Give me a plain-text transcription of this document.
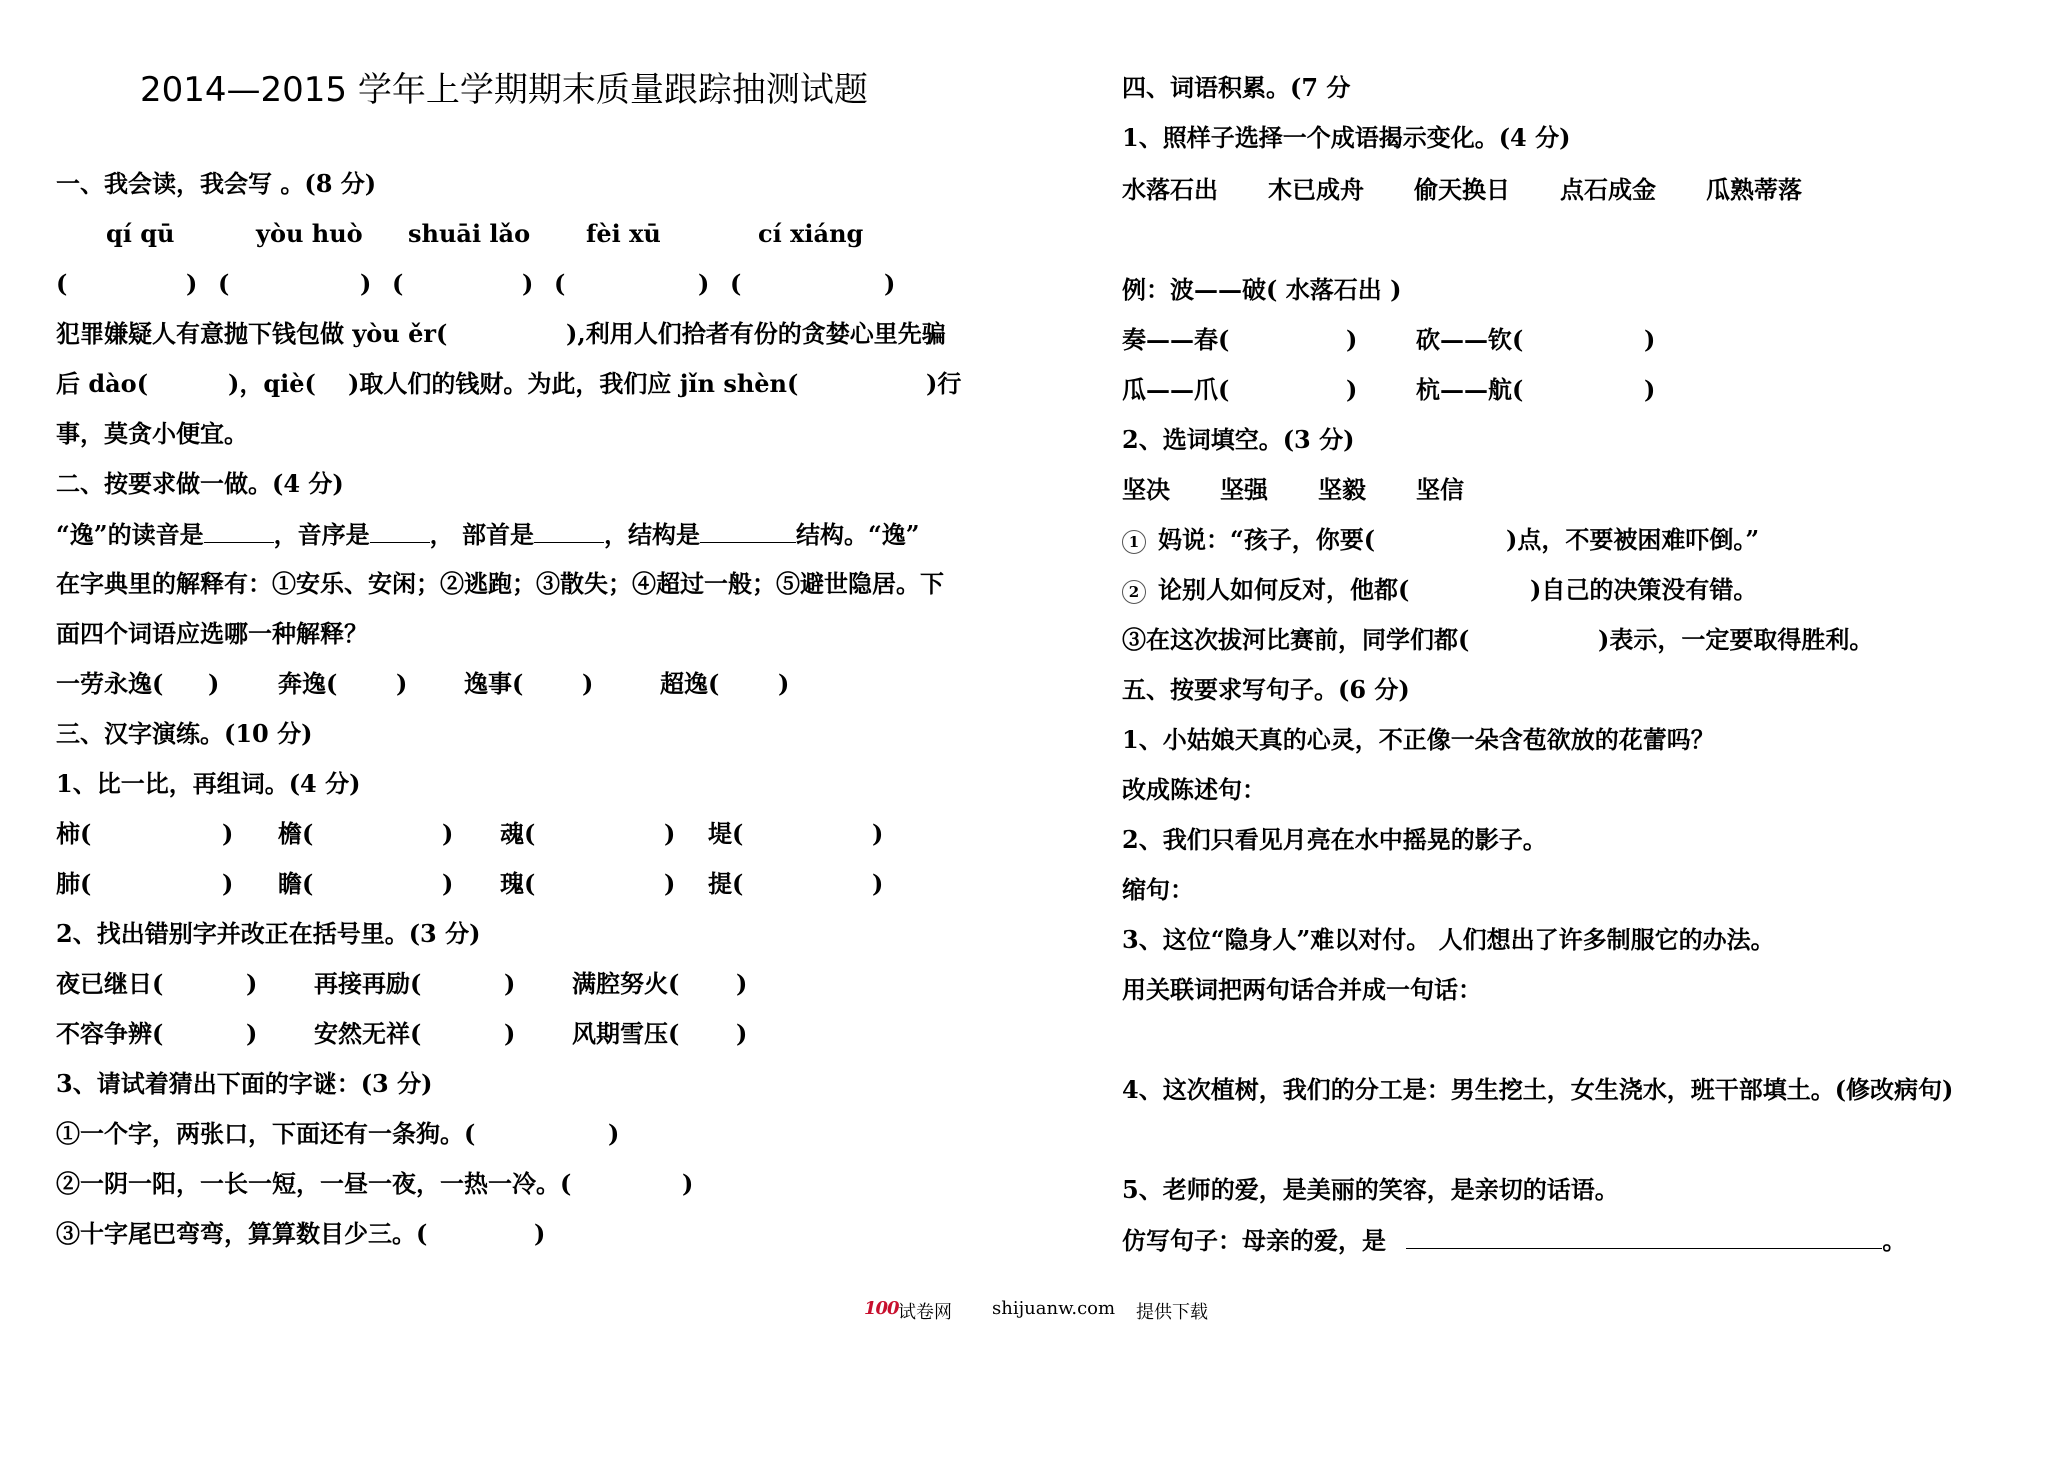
2014—2015 学年上学期期末质量跟踪抽测试题
一、我会读，我会写 。(8 分)
qí qū	yòu huò shuāi lǎo fèi xū	cí xiáng
(	) (	) (	) (	) (	)
犯罪嫌疑人有意抛下钱包做 yòu ěr(	),利用人们拾者有份的贪婪心里先骗
后 dào(	)，qiè( )取人们的钱财。为此，我们应 jǐn shèn(	)行
事，莫贪小便宜。
二、按要求做一做。(4 分)
“逸”的读音是	，音序是	， 部首是	，结构是	结构。“逸”
在字典里的解释有：①安乐、安闲；②逃跑；③散失；④超过一般；⑤避世隐居。下
面四个词语应选哪一种解释？
一劳永逸( ) 奔逸( ) 逸事( )	超逸( )
三、汉字演练。(10 分)
1、比一比，再组词。(4 分)
柿(	) 檐(	) 魂(	) 堤(	)
肺(	) 瞻(	) 瑰(	) 提(	)
2、找出错别字并改正在括号里。(3 分)
夜已继日(	) 再接再励(	) 满腔努火( )
不容争辨(	) 安然无祥(	) 风期雪压( )
3、请试着猜出下面的字谜：(3 分)
①一个字，两张口，下面还有一条狗。(	)
②一阴一阳，一长一短，一昼一夜，一热一冷。(	)
③十字尾巴弯弯，算算数目少三。(	)
四、词语积累。(7 分
1、照样子选择一个成语揭示变化。(4 分)
水落石出 木已成舟 偷天换日 点石成金 瓜熟蒂落
例：波——破( 水落石出 )
奏——春(	) 砍——钦(	)
瓜——爪(	) 杭——航(	)
2、选词填空。(3 分)
坚决 坚强 坚毅 坚信
1 妈说：“孩子，你要(	)点，不要被困难吓倒。”
2 论别人如何反对，他都(	)自己的决策没有错。
③在这次拔河比赛前，同学们都(	)表示，一定要取得胜利。
五、按要求写句子。(6 分)
1、小姑娘天真的心灵，不正像一朵含苞欲放的花蕾吗？
改成陈述句：
2、我们只看见月亮在水中摇晃的影子。
缩句：
3、这位“隐身人”难以对付。 人们想出了许多制服它的办法。
用关联词把两句话合并成一句话：
4、这次植树，我们的分工是：男生挖土，女生浇水，班干部填土。(修改病句)
5、老师的爱，是美丽的笑容，是亲切的话语。
仿写句子：母亲的爱，是	。
100 试卷网 shijuanw.com 提供下载
